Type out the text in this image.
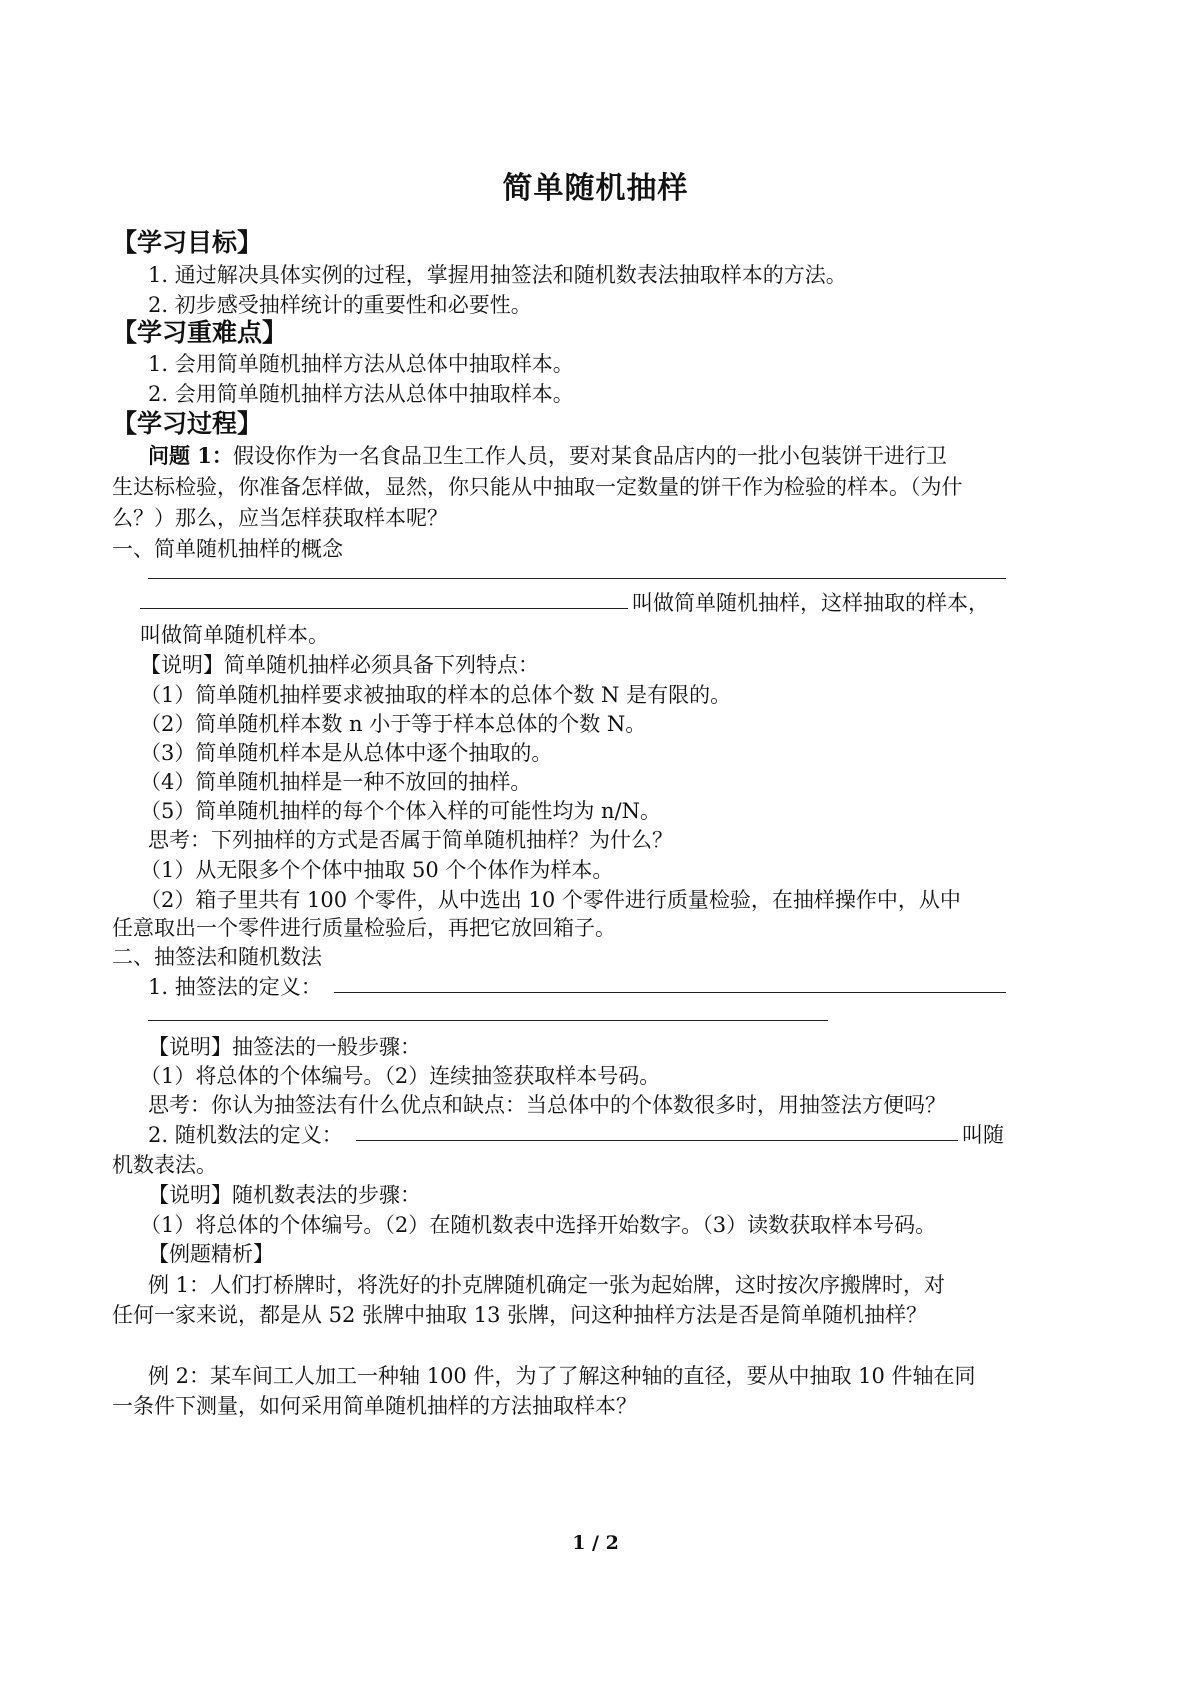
简单随机抽样
【学习目标】
1. 通过解决具体实例的过程，掌握用抽签法和随机数表法抽取样本的方法。
2. 初步感受抽样统计的重要性和必要性。
【学习重难点】
1. 会用简单随机抽样方法从总体中抽取样本。
2. 会用简单随机抽样方法从总体中抽取样本。
【学习过程】
问题 1：假设你作为一名食品卫生工作人员，要对某食品店内的一批小包装饼干进行卫
生达标检验，你准备怎样做，显然，你只能从中抽取一定数量的饼干作为检验的样本。（为什
么？）那么，应当怎样获取样本呢？
一、简单随机抽样的概念
叫做简单随机抽样，这样抽取的样本，
叫做简单随机样本。
【说明】简单随机抽样必须具备下列特点：
（1）简单随机抽样要求被抽取的样本的总体个数 N 是有限的。
（2）简单随机样本数 n 小于等于样本总体的个数 N。
（3）简单随机样本是从总体中逐个抽取的。
（4）简单随机抽样是一种不放回的抽样。
（5）简单随机抽样的每个个体入样的可能性均为 n/N。
思考：下列抽样的方式是否属于简单随机抽样？为什么？
（1）从无限多个个体中抽取 50 个个体作为样本。
（2）箱子里共有 100 个零件，从中选出 10 个零件进行质量检验，在抽样操作中，从中
任意取出一个零件进行质量检验后，再把它放回箱子。
二、抽签法和随机数法
1. 抽签法的定义：
【说明】抽签法的一般步骤：
（1）将总体的个体编号。（2）连续抽签获取样本号码。
思考：你认为抽签法有什么优点和缺点：当总体中的个体数很多时，用抽签法方便吗？
2. 随机数法的定义：	叫随
机数表法。
【说明】随机数表法的步骤：
（1）将总体的个体编号。（2）在随机数表中选择开始数字。（3）读数获取样本号码。
【例题精析】
例 1：人们打桥牌时，将洗好的扑克牌随机确定一张为起始牌，这时按次序搬牌时，对
任何一家来说，都是从 52 张牌中抽取 13 张牌，问这种抽样方法是否是简单随机抽样？
例 2：某车间工人加工一种轴 100 件，为了了解这种轴的直径，要从中抽取 10 件轴在同
一条件下测量，如何采用简单随机抽样的方法抽取样本？
1 / 2
